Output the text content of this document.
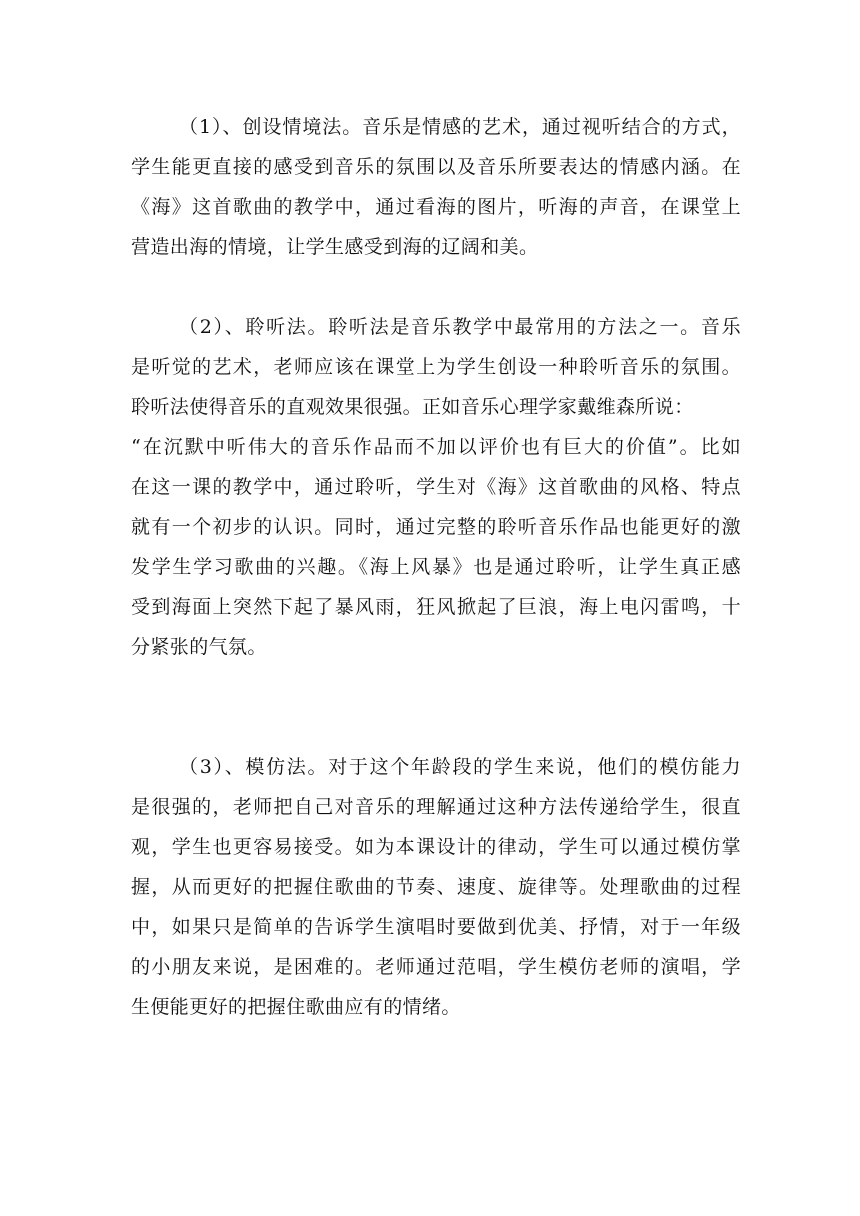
（1）、创设情境法。音乐是情感的艺术，通过视听结合的方式，
学生能更直接的感受到音乐的氛围以及音乐所要表达的情感内涵。在
《海》这首歌曲的教学中，通过看海的图片，听海的声音，在课堂上
营造出海的情境，让学生感受到海的辽阔和美。
（2）、聆听法。聆听法是音乐教学中最常用的方法之一。音乐
是听觉的艺术，老师应该在课堂上为学生创设一种聆听音乐的氛围。
聆听法使得音乐的直观效果很强。正如音乐心理学家戴维森所说：
“在沉默中听伟大的音乐作品而不加以评价也有巨大的价值”。比如
在这一课的教学中，通过聆听，学生对《海》这首歌曲的风格、特点
就有一个初步的认识。同时，通过完整的聆听音乐作品也能更好的激
发学生学习歌曲的兴趣。《海上风暴》也是通过聆听，让学生真正感
受到海面上突然下起了暴风雨，狂风掀起了巨浪，海上电闪雷鸣，十
分紧张的气氛。
（3）、模仿法。对于这个年龄段的学生来说，他们的模仿能力
是很强的，老师把自己对音乐的理解通过这种方法传递给学生，很直
观，学生也更容易接受。如为本课设计的律动，学生可以通过模仿掌
握，从而更好的把握住歌曲的节奏、速度、旋律等。处理歌曲的过程
中，如果只是简单的告诉学生演唱时要做到优美、抒情，对于一年级
的小朋友来说，是困难的。老师通过范唱，学生模仿老师的演唱，学
生便能更好的把握住歌曲应有的情绪。
